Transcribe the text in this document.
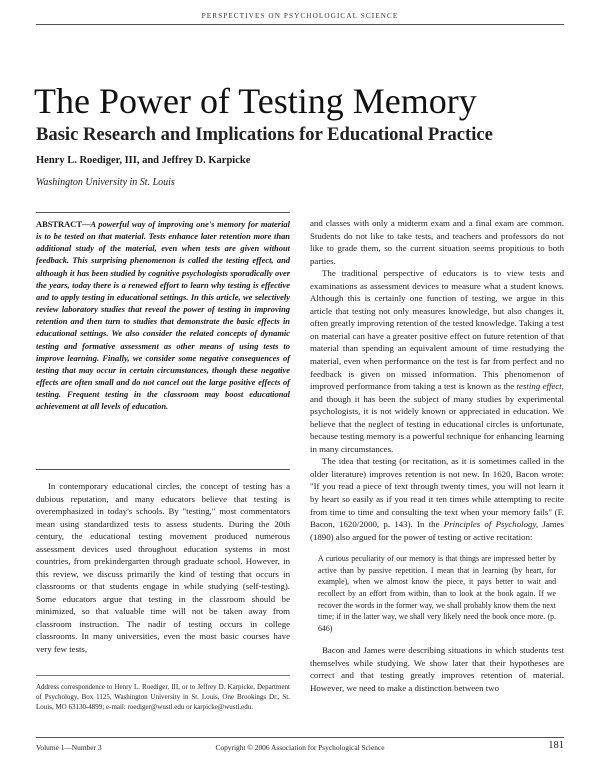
PERSPECTIVES ON PSYCHOLOGICAL SCIENCE
The Power of Testing Memory
Basic Research and Implications for Educational Practice
Henry L. Roediger, III, and Jeffrey D. Karpicke
Washington University in St. Louis

ABSTRACT—A powerful way of improving one's memory for material is to be tested on that material. Tests enhance later retention more than additional study of the material, even when tests are given without feedback. This surprising phenomenon is called the testing effect, and although it has been studied by cognitive psychologists sporadically over the years, today there is a renewed effort to learn why testing is effective and to apply testing in educational settings. In this article, we selectively review laboratory studies that reveal the power of testing in improving retention and then turn to studies that demonstrate the basic effects in educational settings. We also consider the related concepts of dynamic testing and formative assessment as other means of using tests to improve learning. Finally, we consider some negative consequences of testing that may occur in certain circumstances, though these negative effects are often small and do not cancel out the large positive effects of testing. Frequent testing in the classroom may boost educational achievement at all levels of education.

In contemporary educational circles, the concept of testing has a dubious reputation, and many educators believe that testing is overemphasized in today's schools. By "testing," most commentators mean using standardized tests to assess students. During the 20th century, the educational testing movement produced numerous assessment devices used throughout education systems in most countries, from prekindergarten through graduate school. However, in this review, we discuss primarily the kind of testing that occurs in classrooms or that students engage in while studying (self-testing). Some educators argue that testing in the classroom should be minimized, so that valuable time will not be taken away from classroom instruction. The nadir of testing occurs in college classrooms. In many universities, even the most basic courses have very few tests,

Address correspondence to Henry L. Roediger, III, or to Jeffrey D. Karpicke, Department of Psychology, Box 1125, Washington University in St. Louis, One Brookings Dr., St. Louis, MO 63130-4899; e-mail: roediger@wustl.edu or karpicke@wustl.edu.

and classes with only a midterm exam and a final exam are common. Students do not like to take tests, and teachers and professors do not like to grade them, so the current situation seems propitious to both parties.

The traditional perspective of educators is to view tests and examinations as assessment devices to measure what a student knows. Although this is certainly one function of testing, we argue in this article that testing not only measures knowledge, but also changes it, often greatly improving retention of the tested knowledge. Taking a test on material can have a greater positive effect on future retention of that material than spending an equivalent amount of time restudying the material, even when performance on the test is far from perfect and no feedback is given on missed information. This phenomenon of improved performance from taking a test is known as the testing effect, and though it has been the subject of many studies by experimental psychologists, it is not widely known or appreciated in education. We believe that the neglect of testing in educational circles is unfortunate, because testing memory is a powerful technique for enhancing learning in many circumstances.

The idea that testing (or recitation, as it is sometimes called in the older literature) improves retention is not new. In 1620, Bacon wrote: "If you read a piece of text through twenty times, you will not learn it by heart so easily as if you read it ten times while attempting to recite from time to time and consulting the text when your memory fails" (F. Bacon, 1620/2000, p. 143). In the Principles of Psychology, James (1890) also argued for the power of testing or active recitation:

A curious peculiarity of our memory is that things are impressed better by active than by passive repetition. I mean that in learning (by heart, for example), when we almost know the piece, it pays better to wait and recollect by an effort from within, than to look at the book again. If we recover the words in the former way, we shall probably know them the next time; if in the latter way, we shall very likely need the book once more. (p. 646)

Bacon and James were describing situations in which students test themselves while studying. We show later that their hypotheses are correct and that testing greatly improves retention of material. However, we need to make a distinction between two

Volume 1—Number 3	Copyright © 2006 Association for Psychological Science	181
